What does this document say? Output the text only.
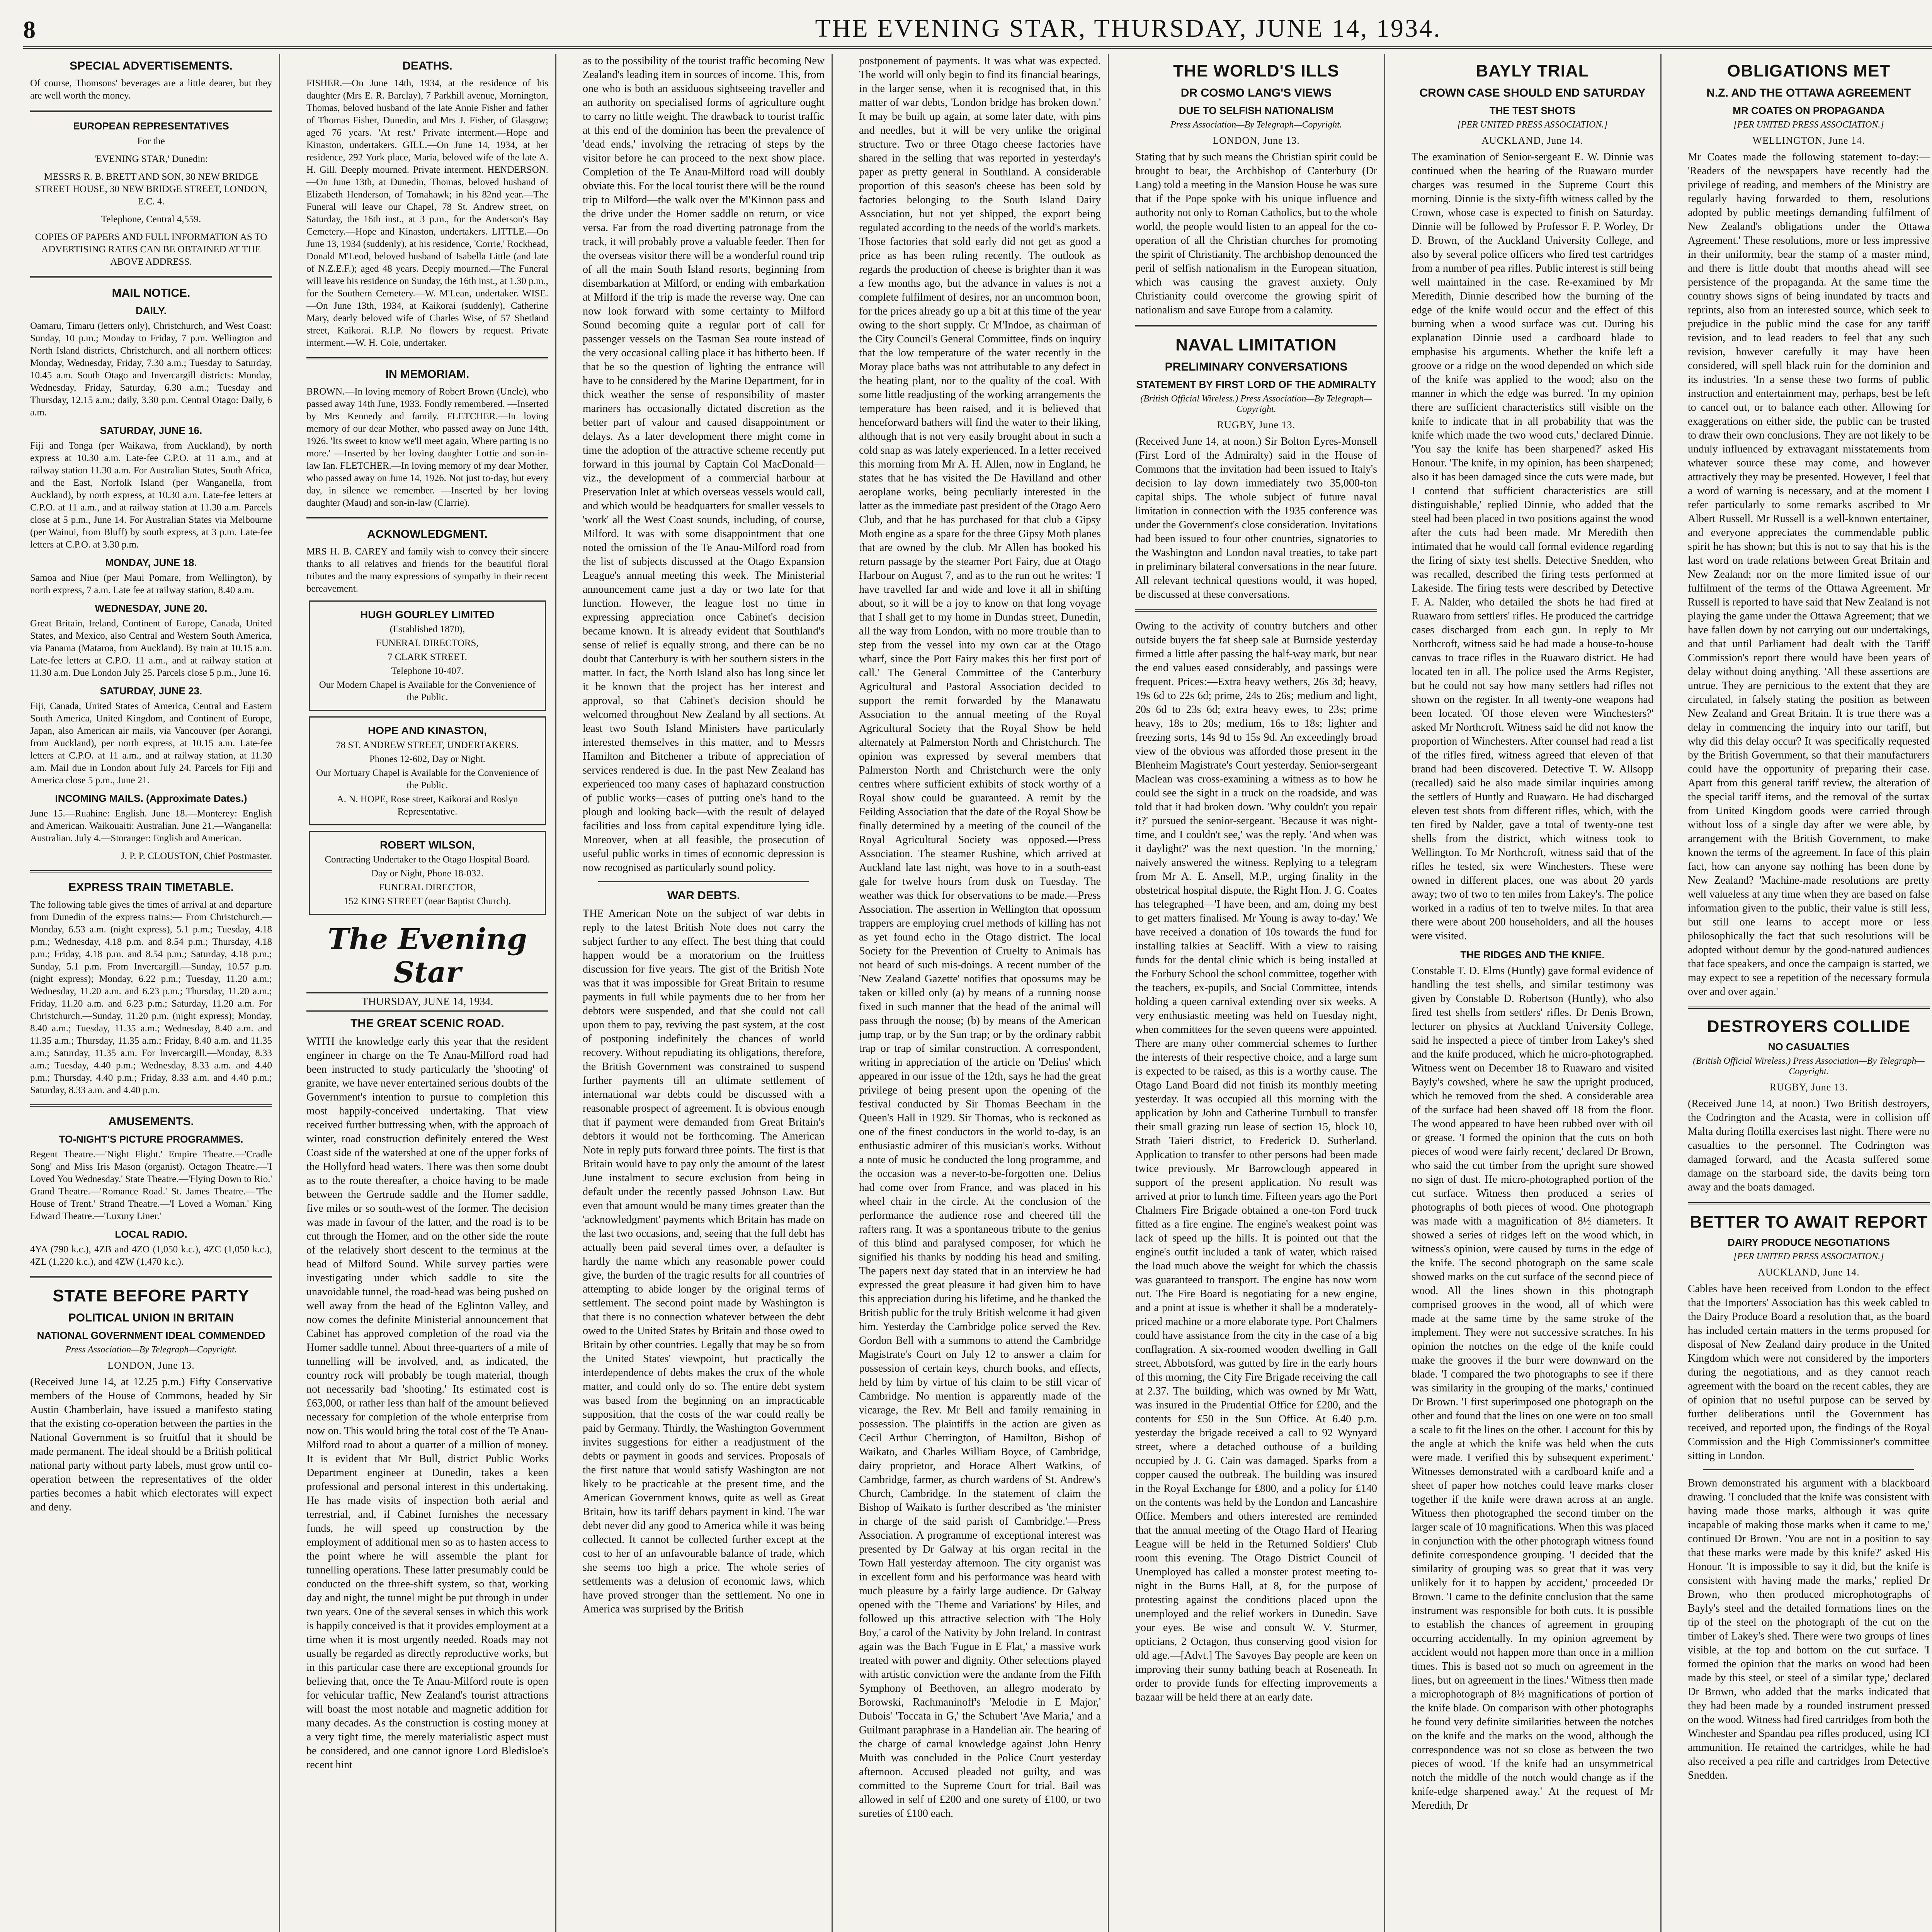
8	THE EVENING STAR, THURSDAY, JUNE 14, 1934.
SPECIAL ADVERTISEMENTS.

Of course, Thomsons' beverages are a little dearer, but they are well worth the money.

EUROPEAN REPRESENTATIVES

For the

'EVENING STAR,' Dunedin:

MESSRS R. B. BRETT AND SON, 30 NEW BRIDGE STREET HOUSE, 30 NEW BRIDGE STREET, LONDON, E.C. 4.

Telephone, Central 4,559.

COPIES OF PAPERS AND FULL INFORMATION AS TO ADVERTISING RATES CAN BE OBTAINED AT THE ABOVE ADDRESS.

MAIL NOTICE.
DAILY.

Oamaru, Timaru (letters only), Christchurch, and West Coast: Sunday, 10 p.m.; Monday to Friday, 7 p.m. Wellington and North Island districts, Christchurch, and all northern offices: Monday, Wednesday, Friday, 7.30 a.m.; Tuesday to Saturday, 10.45 a.m. South Otago and Invercargill districts: Monday, Wednesday, Friday, Saturday, 6.30 a.m.; Tuesday and Thursday, 12.15 a.m.; daily, 3.30 p.m. Central Otago: Daily, 6 a.m.

SATURDAY, JUNE 16.

Fiji and Tonga (per Waikawa, from Auckland), by north express at 10.30 a.m. Late-fee C.P.O. at 11 a.m., and at railway station 11.30 a.m. For Australian States, South Africa, and the East, Norfolk Island (per Wanganella, from Auckland), by north express, at 10.30 a.m. Late-fee letters at C.P.O. at 11 a.m., and at railway station at 11.30 a.m. Parcels close at 5 p.m., June 14. For Australian States via Melbourne (per Wainui, from Bluff) by south express, at 3 p.m. Late-fee letters at C.P.O. at 3.30 p.m.

MONDAY, JUNE 18.

Samoa and Niue (per Maui Pomare, from Wellington), by north express, 7 a.m. Late fee at railway station, 8.40 a.m.

WEDNESDAY, JUNE 20.

Great Britain, Ireland, Continent of Europe, Canada, United States, and Mexico, also Central and Western South America, via Panama (Mataroa, from Auckland). By train at 10.15 a.m. Late-fee letters at C.P.O. 11 a.m., and at railway station at 11.30 a.m. Due London July 25. Parcels close 5 p.m., June 16.

SATURDAY, JUNE 23.

Fiji, Canada, United States of America, Central and Eastern South America, United Kingdom, and Continent of Europe, Japan, also American air mails, via Vancouver (per Aorangi, from Auckland), per north express, at 10.15 a.m. Late-fee letters at C.P.O. at 11 a.m., and at railway station, at 11.30 a.m. Mail due in London about July 24. Parcels for Fiji and America close 5 p.m., June 21.

INCOMING MAILS. (Approximate Dates.)

June 15.—Ruahine: English. June 18.—Monterey: English and American. Waikouaiti: Australian. June 21.—Wanganella: Australian. July 4.—Storanger: English and American.

J. P. P. CLOUSTON, Chief Postmaster.

EXPRESS TRAIN TIMETABLE.

The following table gives the times of arrival at and departure from Dunedin of the express trains:— From Christchurch.—Monday, 6.53 a.m. (night express), 5.1 p.m.; Tuesday, 4.18 p.m.; Wednesday, 4.18 p.m. and 8.54 p.m.; Thursday, 4.18 p.m.; Friday, 4.18 p.m. and 8.54 p.m.; Saturday, 4.18 p.m.; Sunday, 5.1 p.m. From Invercargill.—Sunday, 10.57 p.m. (night express); Monday, 6.22 p.m.; Tuesday, 11.20 a.m.; Wednesday, 11.20 a.m. and 6.23 p.m.; Thursday, 11.20 a.m.; Friday, 11.20 a.m. and 6.23 p.m.; Saturday, 11.20 a.m. For Christchurch.—Sunday, 11.20 p.m. (night express); Monday, 8.40 a.m.; Tuesday, 11.35 a.m.; Wednesday, 8.40 a.m. and 11.35 a.m.; Thursday, 11.35 a.m.; Friday, 8.40 a.m. and 11.35 a.m.; Saturday, 11.35 a.m. For Invercargill.—Monday, 8.33 a.m.; Tuesday, 4.40 p.m.; Wednesday, 8.33 a.m. and 4.40 p.m.; Thursday, 4.40 p.m.; Friday, 8.33 a.m. and 4.40 p.m.; Saturday, 8.33 a.m. and 4.40 p.m.

AMUSEMENTS.
TO-NIGHT'S PICTURE PROGRAMMES.

Regent Theatre.—'Night Flight.' Empire Theatre.—'Cradle Song' and Miss Iris Mason (organist). Octagon Theatre.—'I Loved You Wednesday.' State Theatre.—'Flying Down to Rio.' Grand Theatre.—'Romance Road.' St. James Theatre.—'The House of Trent.' Strand Theatre.—'I Loved a Woman.' King Edward Theatre.—'Luxury Liner.'

LOCAL RADIO.

4YA (790 k.c.), 4ZB and 4ZO (1,050 k.c.), 4ZC (1,050 k.c.), 4ZL (1,220 k.c.), and 4ZW (1,470 k.c.).

STATE BEFORE PARTY
POLITICAL UNION IN BRITAIN
NATIONAL GOVERNMENT IDEAL COMMENDED
Press Association—By Telegraph—Copyright.
LONDON, June 13.

(Received June 14, at 12.25 p.m.) Fifty Conservative members of the House of Commons, headed by Sir Austin Chamberlain, have issued a manifesto stating that the existing co-operation between the parties in the National Government is so fruitful that it should be made permanent. The ideal should be a British political national party without party labels, must grow until co-operation between the representatives of the older parties becomes a habit which electorates will expect and deny.

DEATHS.

FISHER.—On June 14th, 1934, at the residence of his daughter (Mrs E. R. Barclay), 7 Parkhill avenue, Mornington, Thomas, beloved husband of the late Annie Fisher and father of Thomas Fisher, Dunedin, and Mrs J. Fisher, of Glasgow; aged 76 years. 'At rest.' Private interment.—Hope and Kinaston, undertakers. GILL.—On June 14, 1934, at her residence, 292 York place, Maria, beloved wife of the late A. H. Gill. Deeply mourned. Private interment. HENDERSON.—On June 13th, at Dunedin, Thomas, beloved husband of Elizabeth Henderson, of Tomahawk; in his 82nd year.—The Funeral will leave our Chapel, 78 St. Andrew street, on Saturday, the 16th inst., at 3 p.m., for the Anderson's Bay Cemetery.—Hope and Kinaston, undertakers. LITTLE.—On June 13, 1934 (suddenly), at his residence, 'Corrie,' Rockhead, Donald M'Leod, beloved husband of Isabella Little (and late of N.Z.E.F.); aged 48 years. Deeply mourned.—The Funeral will leave his residence on Sunday, the 16th inst., at 1.30 p.m., for the Southern Cemetery.—W. M'Lean, undertaker. WISE.—On June 13th, 1934, at Kaikorai (suddenly), Catherine Mary, dearly beloved wife of Charles Wise, of 57 Shetland street, Kaikorai. R.I.P. No flowers by request. Private interment.—W. H. Cole, undertaker.

IN MEMORIAM.

BROWN.—In loving memory of Robert Brown (Uncle), who passed away 14th June, 1933. Fondly remembered. —Inserted by Mrs Kennedy and family. FLETCHER.—In loving memory of our dear Mother, who passed away on June 14th, 1926. 'Its sweet to know we'll meet again, Where parting is no more.' —Inserted by her loving daughter Lottie and son-in-law Ian. FLETCHER.—In loving memory of my dear Mother, who passed away on June 14, 1926. Not just to-day, but every day, in silence we remember. —Inserted by her loving daughter (Maud) and son-in-law (Clarrie).

ACKNOWLEDGMENT.

MRS H. B. CAREY and family wish to convey their sincere thanks to all relatives and friends for the beautiful floral tributes and the many expressions of sympathy in their recent bereavement.

HUGH GOURLEY LIMITED

(Established 1870),

FUNERAL DIRECTORS,

7 CLARK STREET.

Telephone 10-407.

Our Modern Chapel is Available for the Convenience of the Public.

HOPE AND KINASTON,

78 ST. ANDREW STREET, UNDERTAKERS.

Phones 12-602, Day or Night.

Our Mortuary Chapel is Available for the Convenience of the Public.

A. N. HOPE, Rose street, Kaikorai and Roslyn Representative.

ROBERT WILSON,

Contracting Undertaker to the Otago Hospital Board.

Day or Night, Phone 18-032.

FUNERAL DIRECTOR,

152 KING STREET (near Baptist Church).

The Evening Star
THURSDAY, JUNE 14, 1934.
THE GREAT SCENIC ROAD.

WITH the knowledge early this year that the resident engineer in charge on the Te Anau-Milford road had been instructed to study particularly the 'shooting' of granite, we have never entertained serious doubts of the Government's intention to pursue to completion this most happily-conceived undertaking. That view received further buttressing when, with the approach of winter, road construction definitely entered the West Coast side of the watershed at one of the upper forks of the Hollyford head waters. There was then some doubt as to the route thereafter, a choice having to be made between the Gertrude saddle and the Homer saddle, five miles or so south-west of the former. The decision was made in favour of the latter, and the road is to be cut through the Homer, and on the other side the route of the relatively short descent to the terminus at the head of Milford Sound. While survey parties were investigating under which saddle to site the unavoidable tunnel, the road-head was being pushed on well away from the head of the Eglinton Valley, and now comes the definite Ministerial announcement that Cabinet has approved completion of the road via the Homer saddle tunnel. About three-quarters of a mile of tunnelling will be involved, and, as indicated, the country rock will probably be tough material, though not necessarily bad 'shooting.' Its estimated cost is £63,000, or rather less than half of the amount believed necessary for completion of the whole enterprise from now on. This would bring the total cost of the Te Anau-Milford road to about a quarter of a million of money. It is evident that Mr Bull, district Public Works Department engineer at Dunedin, takes a keen professional and personal interest in this undertaking. He has made visits of inspection both aerial and terrestrial, and, if Cabinet furnishes the necessary funds, he will speed up construction by the employment of additional men so as to hasten access to the point where he will assemble the plant for tunnelling operations. These latter presumably could be conducted on the three-shift system, so that, working day and night, the tunnel might be put through in under two years. One of the several senses in which this work is happily conceived is that it provides employment at a time when it is most urgently needed. Roads may not usually be regarded as directly reproductive works, but in this particular case there are exceptional grounds for believing that, once the Te Anau-Milford route is open for vehicular traffic, New Zealand's tourist attractions will boast the most notable and magnetic addition for many decades. As the construction is costing money at a very tight time, the merely materialistic aspect must be considered, and one cannot ignore Lord Bledisloe's recent hint

as to the possibility of the tourist traffic becoming New Zealand's leading item in sources of income. This, from one who is both an assiduous sightseeing traveller and an authority on specialised forms of agriculture ought to carry no little weight. The drawback to tourist traffic at this end of the dominion has been the prevalence of 'dead ends,' involving the retracing of steps by the visitor before he can proceed to the next show place. Completion of the Te Anau-Milford road will doubly obviate this. For the local tourist there will be the round trip to Milford—the walk over the M'Kinnon pass and the drive under the Homer saddle on return, or vice versa. Far from the road diverting patronage from the track, it will probably prove a valuable feeder. Then for the overseas visitor there will be a wonderful round trip of all the main South Island resorts, beginning from disembarkation at Milford, or ending with embarkation at Milford if the trip is made the reverse way. One can now look forward with some certainty to Milford Sound becoming quite a regular port of call for passenger vessels on the Tasman Sea route instead of the very occasional calling place it has hitherto been. If that be so the question of lighting the entrance will have to be considered by the Marine Department, for in thick weather the sense of responsibility of master mariners has occasionally dictated discretion as the better part of valour and caused disappointment or delays. As a later development there might come in time the adoption of the attractive scheme recently put forward in this journal by Captain Col MacDonald—viz., the development of a commercial harbour at Preservation Inlet at which overseas vessels would call, and which would be headquarters for smaller vessels to 'work' all the West Coast sounds, including, of course, Milford. It was with some disappointment that one noted the omission of the Te Anau-Milford road from the list of subjects discussed at the Otago Expansion League's annual meeting this week. The Ministerial announcement came just a day or two late for that function. However, the league lost no time in expressing appreciation once Cabinet's decision became known. It is already evident that Southland's sense of relief is equally strong, and there can be no doubt that Canterbury is with her southern sisters in the matter. In fact, the North Island also has long since let it be known that the project has her interest and approval, so that Cabinet's decision should be welcomed throughout New Zealand by all sections. At least two South Island Ministers have particularly interested themselves in this matter, and to Messrs Hamilton and Bitchener a tribute of appreciation of services rendered is due. In the past New Zealand has experienced too many cases of haphazard construction of public works—cases of putting one's hand to the plough and looking back—with the result of delayed facilities and loss from capital expenditure lying idle. Moreover, when at all feasible, the prosecution of useful public works in times of economic depression is now recognised as particularly sound policy.

WAR DEBTS.

THE American Note on the subject of war debts in reply to the latest British Note does not carry the subject further to any effect. The best thing that could happen would be a moratorium on the fruitless discussion for five years. The gist of the British Note was that it was impossible for Great Britain to resume payments in full while payments due to her from her debtors were suspended, and that she could not call upon them to pay, reviving the past system, at the cost of postponing indefinitely the chances of world recovery. Without repudiating its obligations, therefore, the British Government was constrained to suspend further payments till an ultimate settlement of international war debts could be discussed with a reasonable prospect of agreement. It is obvious enough that if payment were demanded from Great Britain's debtors it would not be forthcoming. The American Note in reply puts forward three points. The first is that Britain would have to pay only the amount of the latest June instalment to secure exclusion from being in default under the recently passed Johnson Law. But even that amount would be many times greater than the 'acknowledgment' payments which Britain has made on the last two occasions, and, seeing that the full debt has actually been paid several times over, a defaulter is hardly the name which any reasonable power could give, the burden of the tragic results for all countries of attempting to abide longer by the original terms of settlement. The second point made by Washington is that there is no connection whatever between the debt owed to the United States by Britain and those owed to Britain by other countries. Legally that may be so from the United States' viewpoint, but practically the interdependence of debts makes the crux of the whole matter, and could only do so. The entire debt system was based from the beginning on an impracticable supposition, that the costs of the war could really be paid by Germany. Thirdly, the Washington Government invites suggestions for either a readjustment of the debts or payment in goods and services. Proposals of the first nature that would satisfy Washington are not likely to be practicable at the present time, and the American Government knows, quite as well as Great Britain, how its tariff debars payment in kind. The war debt never did any good to America while it was being collected. It cannot be collected further except at the cost to her of an unfavourable balance of trade, which she seems too high a price. The whole series of settlements was a delusion of economic laws, which have proved stronger than the settlement. No one in America was surprised by the British

postponement of payments. It was what was expected. The world will only begin to find its financial bearings, in the larger sense, when it is recognised that, in this matter of war debts, 'London bridge has broken down.' It may be built up again, at some later date, with pins and needles, but it will be very unlike the original structure. Two or three Otago cheese factories have shared in the selling that was reported in yesterday's paper as pretty general in Southland. A considerable proportion of this season's cheese has been sold by factories belonging to the South Island Dairy Association, but not yet shipped, the export being regulated according to the needs of the world's markets. Those factories that sold early did not get as good a price as has been ruling recently. The outlook as regards the production of cheese is brighter than it was a few months ago, but the advance in values is not a complete fulfilment of desires, nor an uncommon boon, for the prices already go up a bit at this time of the year owing to the short supply. Cr M'Indoe, as chairman of the City Council's General Committee, finds on inquiry that the low temperature of the water recently in the Moray place baths was not attributable to any defect in the heating plant, nor to the quality of the coal. With some little readjusting of the working arrangements the temperature has been raised, and it is believed that henceforward bathers will find the water to their liking, although that is not very easily brought about in such a cold snap as was lately experienced. In a letter received this morning from Mr A. H. Allen, now in England, he states that he has visited the De Havilland and other aeroplane works, being peculiarly interested in the latter as the immediate past president of the Otago Aero Club, and that he has purchased for that club a Gipsy Moth engine as a spare for the three Gipsy Moth planes that are owned by the club. Mr Allen has booked his return passage by the steamer Port Fairy, due at Otago Harbour on August 7, and as to the run out he writes: 'I have travelled far and wide and love it all in shifting about, so it will be a joy to know on that long voyage that I shall get to my home in Dundas street, Dunedin, all the way from London, with no more trouble than to step from the vessel into my own car at the Otago wharf, since the Port Fairy makes this her first port of call.' The General Committee of the Canterbury Agricultural and Pastoral Association decided to support the remit forwarded by the Manawatu Association to the annual meeting of the Royal Agricultural Society that the Royal Show be held alternately at Palmerston North and Christchurch. The opinion was expressed by several members that Palmerston North and Christchurch were the only centres where sufficient exhibits of stock worthy of a Royal show could be guaranteed. A remit by the Feilding Association that the date of the Royal Show be finally determined by a meeting of the council of the Royal Agricultural Society was opposed.—Press Association. The steamer Rushine, which arrived at Auckland late last night, was hove to in a south-east gale for twelve hours from dusk on Tuesday. The weather was thick for observations to be made.—Press Association. The assertion in Wellington that opossum trappers are employing cruel methods of killing has not as yet found echo in the Otago district. The local Society for the Prevention of Cruelty to Animals has not heard of such mis-doings. A recent number of the 'New Zealand Gazette' notifies that opossums may be taken or killed only (a) by means of a running noose fixed in such manner that the head of the animal will pass through the noose; (b) by means of the American jump trap, or by the Sun trap; or by the ordinary rabbit trap or trap of similar construction. A correspondent, writing in appreciation of the article on 'Delius' which appeared in our issue of the 12th, says he had the great privilege of being present upon the opening of the festival conducted by Sir Thomas Beecham in the Queen's Hall in 1929. Sir Thomas, who is reckoned as one of the finest conductors in the world to-day, is an enthusiastic admirer of this musician's works. Without a note of music he conducted the long programme, and the occasion was a never-to-be-forgotten one. Delius had come over from France, and was placed in his wheel chair in the circle. At the conclusion of the performance the audience rose and cheered till the rafters rang. It was a spontaneous tribute to the genius of this blind and paralysed composer, for which he signified his thanks by nodding his head and smiling. The papers next day stated that in an interview he had expressed the great pleasure it had given him to have this appreciation during his lifetime, and he thanked the British public for the truly British welcome it had given him. Yesterday the Cambridge police served the Rev. Gordon Bell with a summons to attend the Cambridge Magistrate's Court on July 12 to answer a claim for possession of certain keys, church books, and effects, held by him by virtue of his claim to be still vicar of Cambridge. No mention is apparently made of the vicarage, the Rev. Mr Bell and family remaining in possession. The plaintiffs in the action are given as Cecil Arthur Cherrington, of Hamilton, Bishop of Waikato, and Charles William Boyce, of Cambridge, dairy proprietor, and Horace Albert Watkins, of Cambridge, farmer, as church wardens of St. Andrew's Church, Cambridge. In the statement of claim the Bishop of Waikato is further described as 'the minister in charge of the said parish of Cambridge.'—Press Association. A programme of exceptional interest was presented by Dr Galway at his organ recital in the Town Hall yesterday afternoon. The city organist was in excellent form and his performance was heard with much pleasure by a fairly large audience. Dr Galway opened with the 'Theme and Variations' by Hiles, and followed up this attractive selection with 'The Holy Boy,' a carol of the Nativity by John Ireland. In contrast again was the Bach 'Fugue in E Flat,' a massive work treated with power and dignity. Other selections played with artistic conviction were the andante from the Fifth Symphony of Beethoven, an allegro moderato by Borowski, Rachmaninoff's 'Melodie in E Major,' Dubois' 'Toccata in G,' the Schubert 'Ave Maria,' and a Guilmant paraphrase in a Handelian air. The hearing of the charge of carnal knowledge against John Henry Muith was concluded in the Police Court yesterday afternoon. Accused pleaded not guilty, and was committed to the Supreme Court for trial. Bail was allowed in self of £200 and one surety of £100, or two sureties of £100 each.

THE WORLD'S ILLS
DR COSMO LANG'S VIEWS
DUE TO SELFISH NATIONALISM
Press Association—By Telegraph—Copyright.
LONDON, June 13.

Stating that by such means the Christian spirit could be brought to bear, the Archbishop of Canterbury (Dr Lang) told a meeting in the Mansion House he was sure that if the Pope spoke with his unique influence and authority not only to Roman Catholics, but to the whole world, the people would listen to an appeal for the co-operation of all the Christian churches for promoting the spirit of Christianity. The archbishop denounced the peril of selfish nationalism in the European situation, which was causing the gravest anxiety. Only Christianity could overcome the growing spirit of nationalism and save Europe from a calamity.

NAVAL LIMITATION
PRELIMINARY CONVERSATIONS
STATEMENT BY FIRST LORD OF THE ADMIRALTY
(British Official Wireless.) Press Association—By Telegraph—Copyright.
RUGBY, June 13.

(Received June 14, at noon.) Sir Bolton Eyres-Monsell (First Lord of the Admiralty) said in the House of Commons that the invitation had been issued to Italy's decision to lay down immediately two 35,000-ton capital ships. The whole subject of future naval limitation in connection with the 1935 conference was under the Government's close consideration. Invitations had been issued to four other countries, signatories to the Washington and London naval treaties, to take part in preliminary bilateral conversations in the near future. All relevant technical questions would, it was hoped, be discussed at these conversations.

Owing to the activity of country butchers and other outside buyers the fat sheep sale at Burnside yesterday firmed a little after passing the half-way mark, but near the end values eased considerably, and passings were frequent. Prices:—Extra heavy wethers, 26s 3d; heavy, 19s 6d to 22s 6d; prime, 24s to 26s; medium and light, 20s 6d to 23s 6d; extra heavy ewes, to 23s; prime heavy, 18s to 20s; medium, 16s to 18s; lighter and freezing sorts, 14s 9d to 15s 9d. An exceedingly broad view of the obvious was afforded those present in the Blenheim Magistrate's Court yesterday. Senior-sergeant Maclean was cross-examining a witness as to how he could see the sight in a truck on the roadside, and was told that it had broken down. 'Why couldn't you repair it?' pursued the senior-sergeant. 'Because it was night-time, and I couldn't see,' was the reply. 'And when was it daylight?' was the next question. 'In the morning,' naively answered the witness. Replying to a telegram from Mr A. E. Ansell, M.P., urging finality in the obstetrical hospital dispute, the Right Hon. J. G. Coates has telegraphed—'I have been, and am, doing my best to get matters finalised. Mr Young is away to-day.' We have received a donation of 10s towards the fund for installing talkies at Seacliff. With a view to raising funds for the dental clinic which is being installed at the Forbury School the school committee, together with the teachers, ex-pupils, and Social Committee, intends holding a queen carnival extending over six weeks. A very enthusiastic meeting was held on Tuesday night, when committees for the seven queens were appointed. There are many other commercial schemes to further the interests of their respective choice, and a large sum is expected to be raised, as this is a worthy cause. The Otago Land Board did not finish its monthly meeting yesterday. It was occupied all this morning with the application by John and Catherine Turnbull to transfer their small grazing run lease of section 15, block 10, Strath Taieri district, to Frederick D. Sutherland. Application to transfer to other persons had been made twice previously. Mr Barrowclough appeared in support of the present application. No result was arrived at prior to lunch time. Fifteen years ago the Port Chalmers Fire Brigade obtained a one-ton Ford truck fitted as a fire engine. The engine's weakest point was lack of speed up the hills. It is pointed out that the engine's outfit included a tank of water, which raised the load much above the weight for which the chassis was guaranteed to transport. The engine has now worn out. The Fire Board is negotiating for a new engine, and a point at issue is whether it shall be a moderately-priced machine or a more elaborate type. Port Chalmers could have assistance from the city in the case of a big conflagration. A six-roomed wooden dwelling in Gall street, Abbotsford, was gutted by fire in the early hours of this morning, the City Fire Brigade receiving the call at 2.37. The building, which was owned by Mr Watt, was insured in the Prudential Office for £200, and the contents for £50 in the Sun Office. At 6.40 p.m. yesterday the brigade received a call to 92 Wynyard street, where a detached outhouse of a building occupied by J. G. Cain was damaged. Sparks from a copper caused the outbreak. The building was insured in the Royal Exchange for £800, and a policy for £140 on the contents was held by the London and Lancashire Office. Members and others interested are reminded that the annual meeting of the Otago Hard of Hearing League will be held in the Returned Soldiers' Club room this evening. The Otago District Council of Unemployed has called a monster protest meeting to-night in the Burns Hall, at 8, for the purpose of protesting against the conditions placed upon the unemployed and the relief workers in Dunedin. Save your eyes. Be wise and consult W. V. Sturmer, opticians, 2 Octagon, thus conserving good vision for old age.—[Advt.] The Savoyes Bay people are keen on improving their sunny bathing beach at Roseneath. In order to provide funds for effecting improvements a bazaar will be held there at an early date.

BAYLY TRIAL
CROWN CASE SHOULD END SATURDAY
THE TEST SHOTS
[PER UNITED PRESS ASSOCIATION.]
AUCKLAND, June 14.

The examination of Senior-sergeant E. W. Dinnie was continued when the hearing of the Ruawaro murder charges was resumed in the Supreme Court this morning. Dinnie is the sixty-fifth witness called by the Crown, whose case is expected to finish on Saturday. Dinnie will be followed by Professor F. P. Worley, Dr D. Brown, of the Auckland University College, and also by several police officers who fired test cartridges from a number of pea rifles. Public interest is still being well maintained in the case. Re-examined by Mr Meredith, Dinnie described how the burning of the edge of the knife would occur and the effect of this burning when a wood surface was cut. During his explanation Dinnie used a cardboard blade to emphasise his arguments. Whether the knife left a groove or a ridge on the wood depended on which side of the knife was applied to the wood; also on the manner in which the edge was burred. 'In my opinion there are sufficient characteristics still visible on the knife to indicate that in all probability that was the knife which made the two wood cuts,' declared Dinnie. 'You say the knife has been sharpened?' asked His Honour. 'The knife, in my opinion, has been sharpened; also it has been damaged since the cuts were made, but I contend that sufficient characteristics are still distinguishable,' replied Dinnie, who added that the steel had been placed in two positions against the wood after the cuts had been made. Mr Meredith then intimated that he would call formal evidence regarding the firing of sixty test shells. Detective Snedden, who was recalled, described the firing tests performed at Lakeside. The firing tests were described by Detective F. A. Nalder, who detailed the shots he had fired at Ruawaro from settlers' rifles. He produced the cartridge cases discharged from each gun. In reply to Mr Northcroft, witness said he had made a house-to-house canvas to trace rifles in the Ruawaro district. He had located ten in all. The police used the Arms Register, but he could not say how many settlers had rifles not shown on the register. In all twenty-one weapons had been located. 'Of those eleven were Winchesters?' asked Mr Northcroft. Witness said he did not know the proportion of Winchesters. After counsel had read a list of the rifles fired, witness agreed that eleven of that brand had been discovered. Detective T. W. Allsopp (recalled) said he also made similar inquiries among the settlers of Huntly and Ruawaro. He had discharged eleven test shots from different rifles, which, with the ten fired by Nalder, gave a total of twenty-one test shells from the district, which witness took to Wellington. To Mr Northcroft, witness said that of the rifles he tested, six were Winchesters. These were owned in different places, one was about 20 yards away; two of two to ten miles from Lakey's. The police worked in a radius of ten to twelve miles. In that area there were about 200 householders, and all the houses were visited.

THE RIDGES AND THE KNIFE.

Constable T. D. Elms (Huntly) gave formal evidence of handling the test shells, and similar testimony was given by Constable D. Robertson (Huntly), who also fired test shells from settlers' rifles. Dr Denis Brown, lecturer on physics at Auckland University College, said he inspected a piece of timber from Lakey's shed and the knife produced, which he micro-photographed. Witness went on December 18 to Ruawaro and visited Bayly's cowshed, where he saw the upright produced, which he removed from the shed. A considerable area of the surface had been shaved off 18 from the floor. The wood appeared to have been rubbed over with oil or grease. 'I formed the opinion that the cuts on both pieces of wood were fairly recent,' declared Dr Brown, who said the cut timber from the upright sure showed no sign of dust. He micro-photographed portion of the cut surface. Witness then produced a series of photographs of both pieces of wood. One photograph was made with a magnification of 8½ diameters. It showed a series of ridges left on the wood which, in witness's opinion, were caused by turns in the edge of the knife. The second photograph on the same scale showed marks on the cut surface of the second piece of wood. All the lines shown in this photograph comprised grooves in the wood, all of which were made at the same time by the same stroke of the implement. They were not successive scratches. In his opinion the notches on the edge of the knife could make the grooves if the burr were downward on the blade. 'I compared the two photographs to see if there was similarity in the grouping of the marks,' continued Dr Brown. 'I first superimposed one photograph on the other and found that the lines on one were on too small a scale to fit the lines on the other. I account for this by the angle at which the knife was held when the cuts were made. I verified this by subsequent experiment.' Witnesses demonstrated with a cardboard knife and a sheet of paper how notches could leave marks closer together if the knife were drawn across at an angle. Witness then photographed the second timber on the larger scale of 10 magnifications. When this was placed in conjunction with the other photograph witness found definite correspondence grouping. 'I decided that the similarity of grouping was so great that it was very unlikely for it to happen by accident,' proceeded Dr Brown. 'I came to the definite conclusion that the same instrument was responsible for both cuts. It is possible to establish the chances of agreement in grouping occurring accidentally. In my opinion agreement by accident would not happen more than once in a million times. This is based not so much on agreement in the lines, but on agreement in the lines.' Witness then made a microphotograph of 8½ magnifications of portion of the knife blade. On comparison with other photographs he found very definite similarities between the notches on the knife and the marks on the wood, although the correspondence was not so close as between the two pieces of wood. 'If the knife had an unsymmetrical notch the middle of the notch would change as if the knife-edge sharpened away.' At the request of Mr Meredith, Dr

OBLIGATIONS MET
N.Z. AND THE OTTAWA AGREEMENT
MR COATES ON PROPAGANDA
[PER UNITED PRESS ASSOCIATION.]
WELLINGTON, June 14.

Mr Coates made the following statement to-day:— 'Readers of the newspapers have recently had the privilege of reading, and members of the Ministry are regularly having forwarded to them, resolutions adopted by public meetings demanding fulfilment of New Zealand's obligations under the Ottawa Agreement.' These resolutions, more or less impressive in their uniformity, bear the stamp of a master mind, and there is little doubt that months ahead will see persistence of the propaganda. At the same time the country shows signs of being inundated by tracts and reprints, also from an interested source, which seek to prejudice in the public mind the case for any tariff revision, and to lead readers to feel that any such revision, however carefully it may have been considered, will spell black ruin for the dominion and its industries. 'In a sense these two forms of public instruction and entertainment may, perhaps, best be left to cancel out, or to balance each other. Allowing for exaggerations on either side, the public can be trusted to draw their own conclusions. They are not likely to be unduly influenced by extravagant misstatements from whatever source these may come, and however attractively they may be presented. However, I feel that a word of warning is necessary, and at the moment I refer particularly to some remarks ascribed to Mr Albert Russell. Mr Russell is a well-known entertainer, and everyone appreciates the commendable public spirit he has shown; but this is not to say that his is the last word on trade relations between Great Britain and New Zealand; nor on the more limited issue of our fulfilment of the terms of the Ottawa Agreement. Mr Russell is reported to have said that New Zealand is not playing the game under the Ottawa Agreement; that we have fallen down by not carrying out our undertakings, and that until Parliament had dealt with the Tariff Commission's report there would have been years of delay without doing anything. 'All these assertions are untrue. They are pernicious to the extent that they are circulated, in falsely stating the position as between New Zealand and Great Britain. It is true there was a delay in commencing the inquiry into our tariff, but why did this delay occur? It was specifically requested by the British Government, so that their manufacturers could have the opportunity of preparing their case. Apart from this general tariff review, the alteration of the special tariff items, and the removal of the surtax from United Kingdom goods were carried through without loss of a single day after we were able, by arrangement with the British Government, to make known the terms of the agreement. In face of this plain fact, how can anyone say nothing has been done by New Zealand? 'Machine-made resolutions are pretty well valueless at any time when they are based on false information given to the public, their value is still less, but still one learns to accept more or less philosophically the fact that such resolutions will be adopted without demur by the good-natured audiences that face speakers, and once the campaign is started, we may expect to see a repetition of the necessary formula over and over again.'

DESTROYERS COLLIDE
NO CASUALTIES
(British Official Wireless.) Press Association—By Telegraph—Copyright.
RUGBY, June 13.

(Received June 14, at noon.) Two British destroyers, the Codrington and the Acasta, were in collision off Malta during flotilla exercises last night. There were no casualties to the personnel. The Codrington was damaged forward, and the Acasta suffered some damage on the starboard side, the davits being torn away and the boats damaged.

BETTER TO AWAIT REPORT
DAIRY PRODUCE NEGOTIATIONS
[PER UNITED PRESS ASSOCIATION.]
AUCKLAND, June 14.

Cables have been received from London to the effect that the Importers' Association has this week cabled to the Dairy Produce Board a resolution that, as the board has included certain matters in the terms proposed for disposal of New Zealand dairy produce in the United Kingdom which were not considered by the importers during the negotiations, and as they cannot reach agreement with the board on the recent cables, they are of opinion that no useful purpose can be served by further deliberations until the Government has received, and reported upon, the findings of the Royal Commission and the High Commissioner's committee sitting in London.

Brown demonstrated his argument with a blackboard drawing. 'I concluded that the knife was consistent with having made those marks, although it was quite incapable of making those marks when it came to me,' continued Dr Brown. 'You are not in a position to say that these marks were made by this knife?' asked His Honour. 'It is impossible to say it did, but the knife is consistent with having made the marks,' replied Dr Brown, who then produced microphotographs of Bayly's steel and the detailed formations lines on the tip of the steel on the photograph of the cut on the timber of Lakey's shed. There were two groups of lines visible, at the top and bottom on the cut surface. 'I formed the opinion that the marks on wood had been made by this steel, or steel of a similar type,' declared Dr Brown, who added that the marks indicated that they had been made by a rounded instrument pressed on the wood. Witness had fired cartridges from both the Winchester and Spandau pea rifles produced, using ICI ammunition. He retained the cartridges, while he had also received a pea rifle and cartridges from Detective Snedden.
